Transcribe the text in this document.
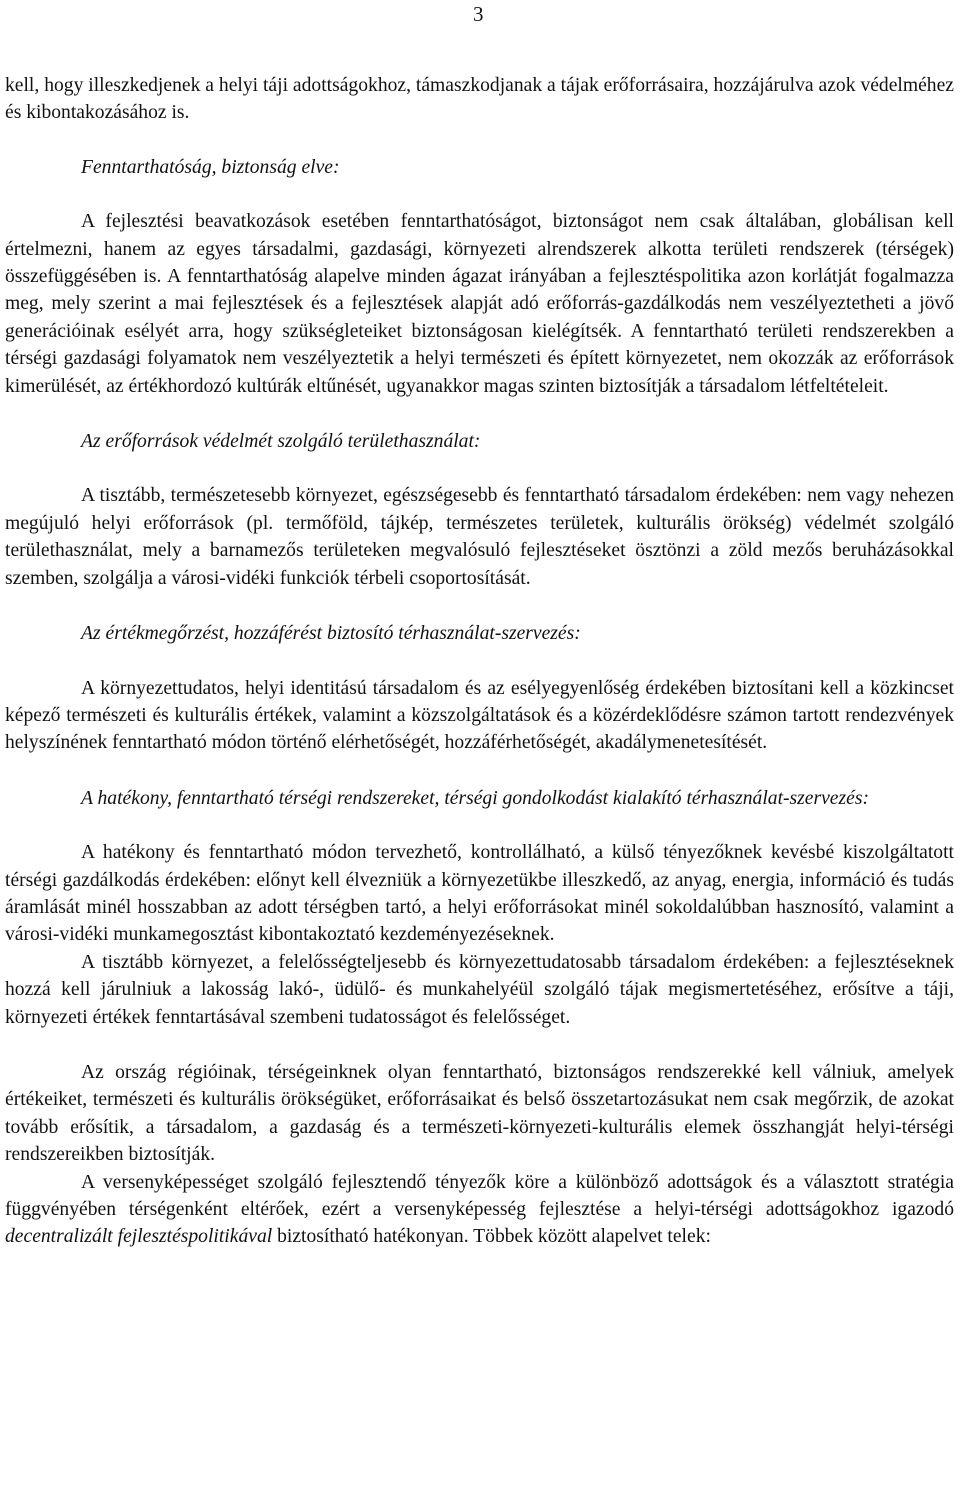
3

kell, hogy illeszkedjenek a helyi táji adottságokhoz, támaszkodjanak a tájak erőforrásaira, hozzájárulva azok védelméhez és kibontakozásához is.

Fenntarthatóság, biztonság elve:

A fejlesztési beavatkozások esetében fenntarthatóságot, biztonságot nem csak általában, globálisan kell értelmezni, hanem az egyes társadalmi, gazdasági, környezeti alrendszerek alkotta területi rendszerek (térségek) összefüggésében is. A fenntarthatóság alapelve minden ágazat irányában a fejlesztéspolitika azon korlátját fogalmazza meg, mely szerint a mai fejlesztések és a fejlesztések alapját adó erőforrás-gazdálkodás nem veszélyeztetheti a jövő generációinak esélyét arra, hogy szükségleteiket biztonságosan kielégítsék. A fenntartható területi rendszerekben a térségi gazdasági folyamatok nem veszélyeztetik a helyi természeti és épített környezetet, nem okozzák az erőforrások kimerülését, az értékhordozó kultúrák eltűnését, ugyanakkor magas szinten biztosítják a társadalom létfeltételeit.

Az erőforrások védelmét szolgáló területhasználat:

A tisztább, természetesebb környezet, egészségesebb és fenntartható társadalom érdekében: nem vagy nehezen megújuló helyi erőforrások (pl. termőföld, tájkép, természetes területek, kulturális örökség) védelmét szolgáló területhasználat, mely a barnamezős területeken megvalósuló fejlesztéseket ösztönzi a zöld mezős beruházásokkal szemben, szolgálja a városi-vidéki funkciók térbeli csoportosítását.

Az értékmegőrzést, hozzáférést biztosító térhasználat-szervezés:

A környezettudatos, helyi identitású társadalom és az esélyegyenlőség érdekében biztosítani kell a közkincset képező természeti és kulturális értékek, valamint a közszolgáltatások és a közérdeklődésre számon tartott rendezvények helyszínének fenntartható módon történő elérhetőségét, hozzáférhetőségét, akadálymenetesítését.

A hatékony, fenntartható térségi rendszereket, térségi gondolkodást kialakító térhasználat-szervezés:

A hatékony és fenntartható módon tervezhető, kontrollálható, a külső tényezőknek kevésbé kiszolgáltatott térségi gazdálkodás érdekében: előnyt kell élvezniük a környezetükbe illeszkedő, az anyag, energia, információ és tudás áramlását minél hosszabban az adott térségben tartó, a helyi erőforrásokat minél sokoldalúbban hasznosító, valamint a városi-vidéki munkamegosztást kibontakoztató kezdeményezéseknek.

A tisztább környezet, a felelősségteljesebb és környezettudatosabb társadalom érdekében: a fejlesztéseknek hozzá kell járulniuk a lakosság lakó-, üdülő- és munkahelyéül szolgáló tájak megismertetéséhez, erősítve a táji, környezeti értékek fenntartásával szembeni tudatosságot és felelősséget.

Az ország régióinak, térségeinknek olyan fenntartható, biztonságos rendszerekké kell válniuk, amelyek értékeiket, természeti és kulturális örökségüket, erőforrásaikat és belső összetartozásukat nem csak megőrzik, de azokat tovább erősítik, a társadalom, a gazdaság és a természeti-környezeti-kulturális elemek összhangját helyi-térségi rendszereikben biztosítják.

A versenyképességet szolgáló fejlesztendő tényezők köre a különböző adottságok és a választott stratégia függvényében térségenként eltérőek, ezért a versenyképesség fejlesztése a helyi-térségi adottságokhoz igazodó decentralizált fejlesztéspolitikával biztosítható hatékonyan. Többek között alapelvet telek:
